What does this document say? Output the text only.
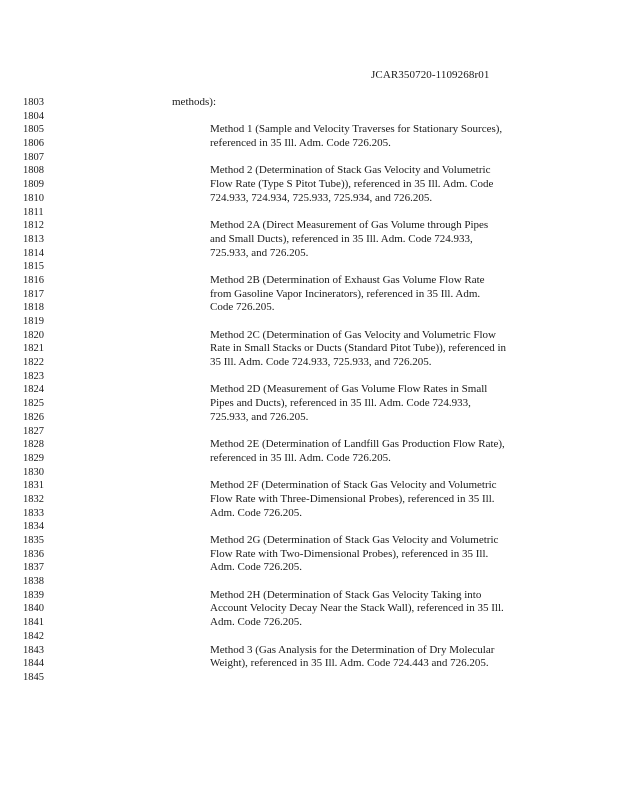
JCAR350720-1109268r01
1803	methods):
1804
1805	Method 1 (Sample and Velocity Traverses for Stationary Sources),
1806	referenced in 35 Ill. Adm. Code 726.205.
1807
1808	Method 2 (Determination of Stack Gas Velocity and Volumetric
1809	Flow Rate (Type S Pitot Tube)), referenced in 35 Ill. Adm. Code
1810	724.933, 724.934, 725.933, 725.934, and 726.205.
1811
1812	Method 2A (Direct Measurement of Gas Volume through Pipes
1813	and Small Ducts), referenced in 35 Ill. Adm. Code 724.933,
1814	725.933, and 726.205.
1815
1816	Method 2B (Determination of Exhaust Gas Volume Flow Rate
1817	from Gasoline Vapor Incinerators), referenced in 35 Ill. Adm.
1818	Code 726.205.
1819
1820	Method 2C (Determination of Gas Velocity and Volumetric Flow
1821	Rate in Small Stacks or Ducts (Standard Pitot Tube)), referenced in
1822	35 Ill. Adm. Code 724.933, 725.933, and 726.205.
1823
1824	Method 2D (Measurement of Gas Volume Flow Rates in Small
1825	Pipes and Ducts), referenced in 35 Ill. Adm. Code 724.933,
1826	725.933, and 726.205.
1827
1828	Method 2E (Determination of Landfill Gas Production Flow Rate),
1829	referenced in 35 Ill. Adm. Code 726.205.
1830
1831	Method 2F (Determination of Stack Gas Velocity and Volumetric
1832	Flow Rate with Three-Dimensional Probes), referenced in 35 Ill.
1833	Adm. Code 726.205.
1834
1835	Method 2G (Determination of Stack Gas Velocity and Volumetric
1836	Flow Rate with Two-Dimensional Probes), referenced in 35 Ill.
1837	Adm. Code 726.205.
1838
1839	Method 2H (Determination of Stack Gas Velocity Taking into
1840	Account Velocity Decay Near the Stack Wall), referenced in 35 Ill.
1841	Adm. Code 726.205.
1842
1843	Method 3 (Gas Analysis for the Determination of Dry Molecular
1844	Weight), referenced in 35 Ill. Adm. Code 724.443 and 726.205.
1845
